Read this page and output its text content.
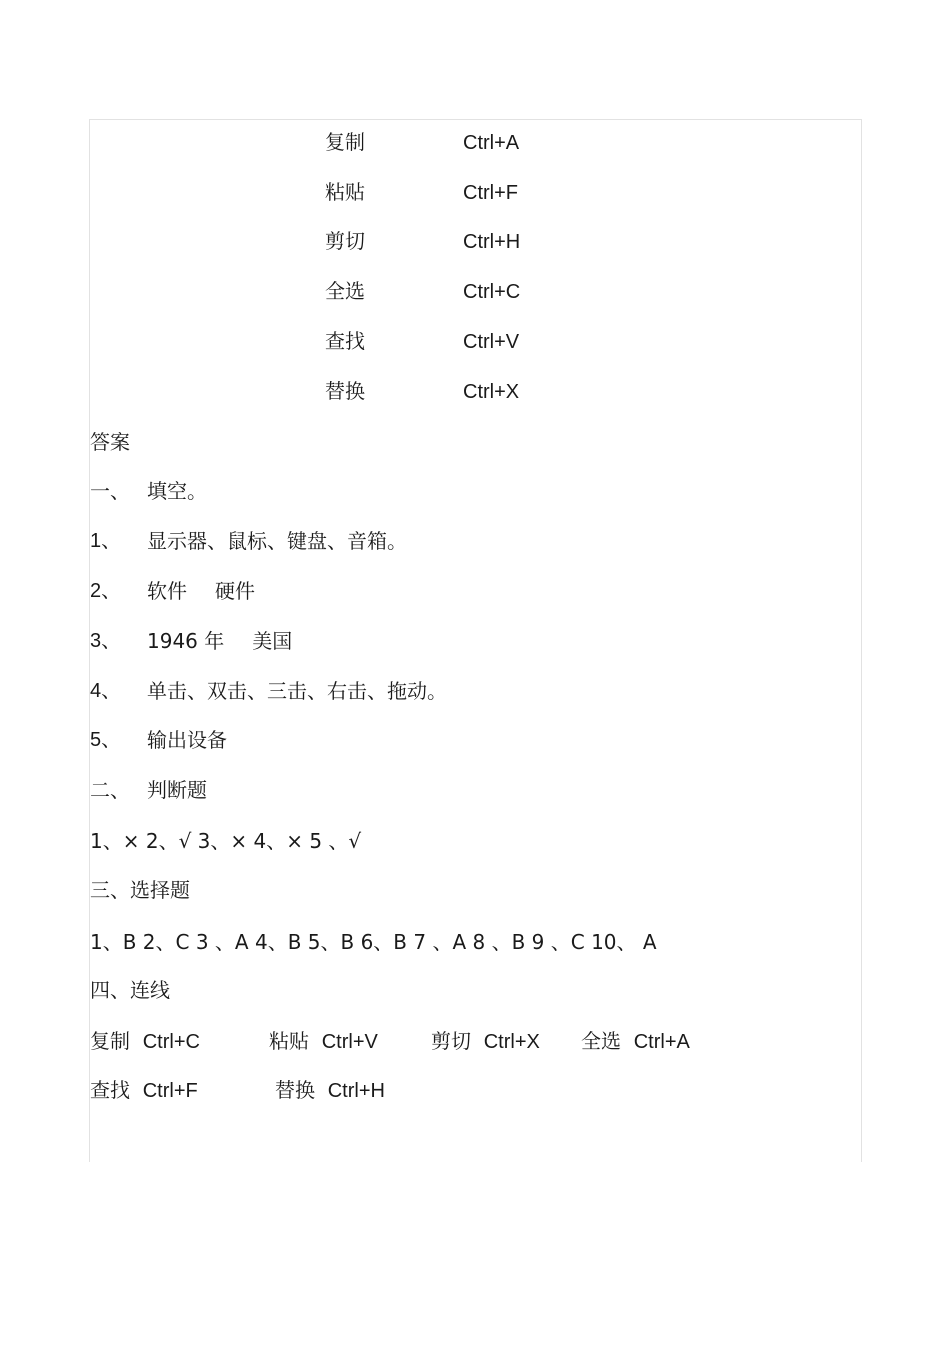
复制	Ctrl+A
粘贴	Ctrl+F
剪切	Ctrl+H
全选	Ctrl+C
查找	Ctrl+V
替换	Ctrl+X
答案
一、 填空。
1、 显示器、鼠标、键盘、音箱。
2、 软件 硬件
3、 1946 年 美国
4、 单击、双击、三击、右击、拖动。
5、 输出设备
二、 判断题
1、× 2、√ 3、× 4、× 5 、√
三、选择题
1、B 2、C 3 、A 4、B 5、B 6、B 7 、A 8 、B 9 、C 10、 A
四、连线
复制 Ctrl+C	粘贴 Ctrl+V	剪切 Ctrl+X 全选 Ctrl+A
查找 Ctrl+F	替换 Ctrl+H
